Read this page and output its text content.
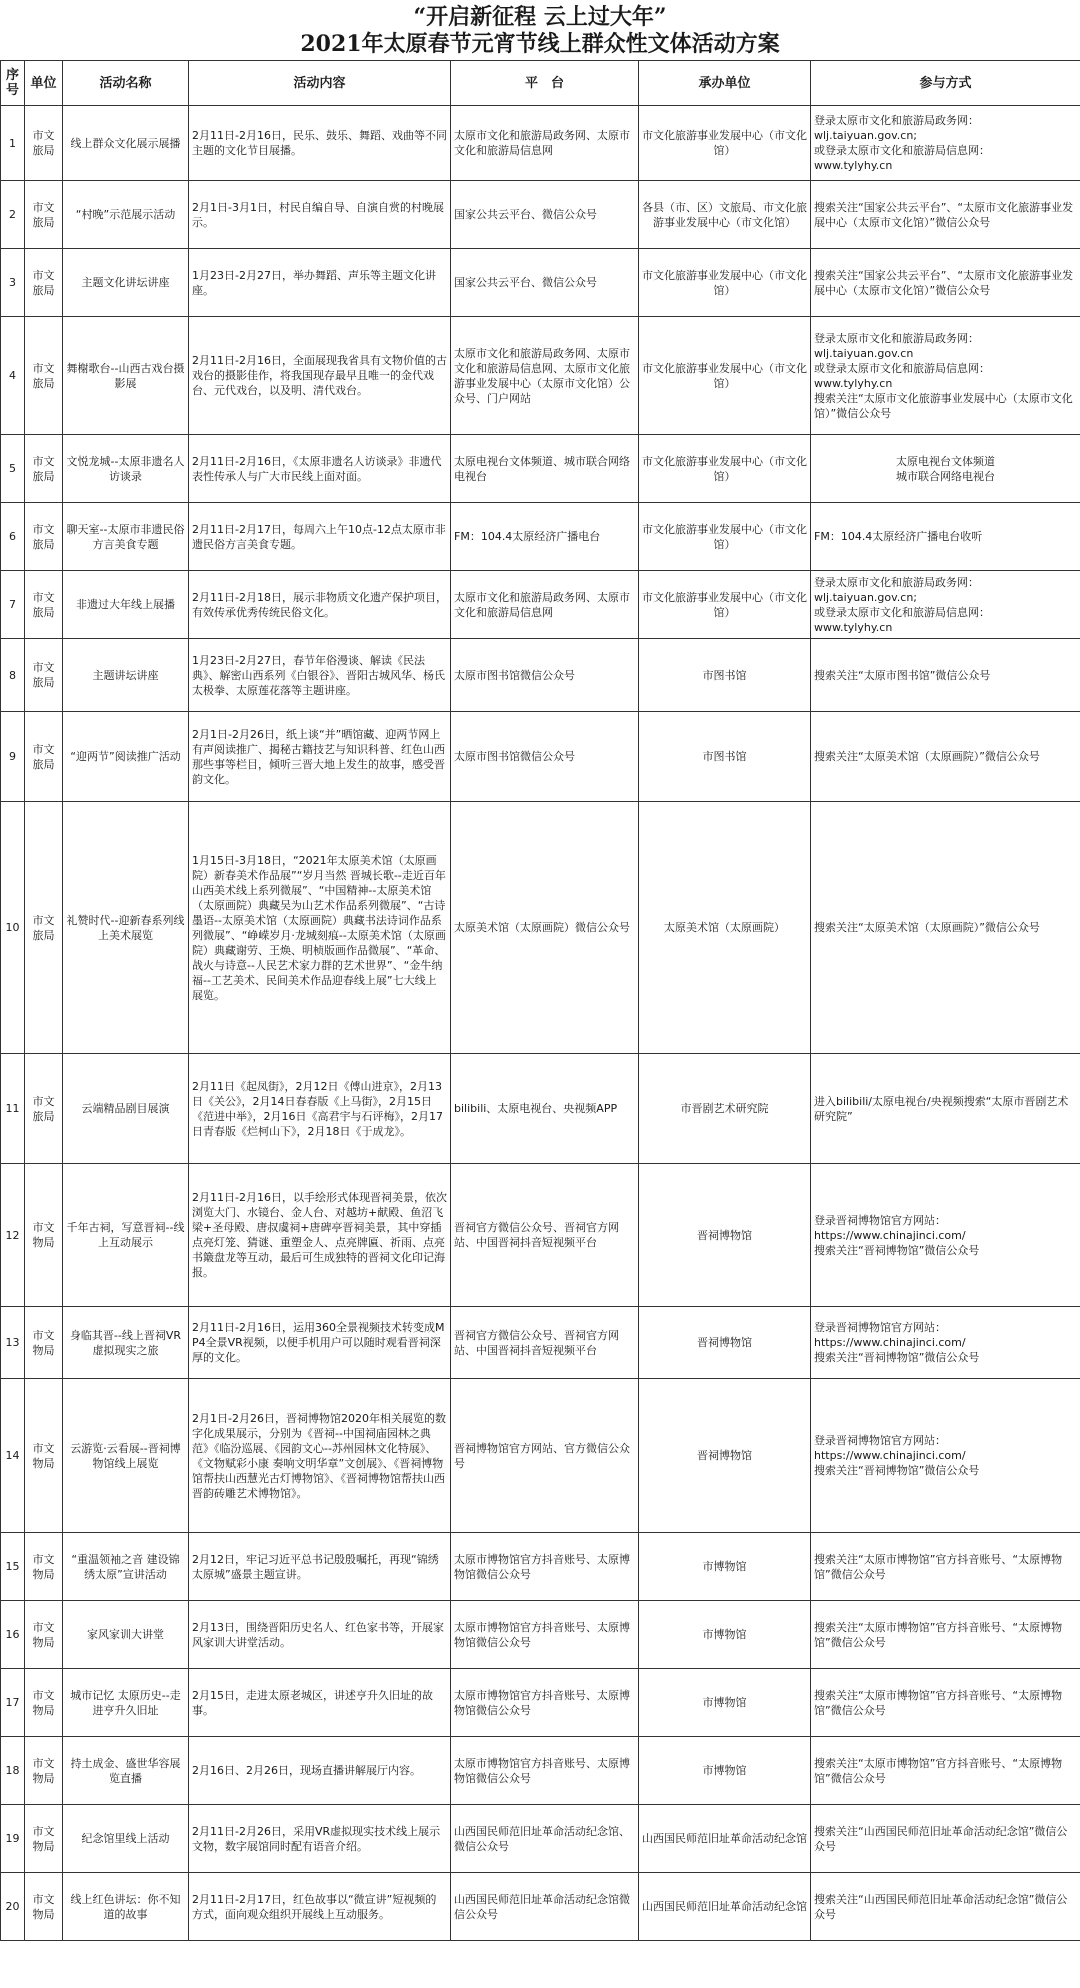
“开启新征程 云上过大年”
2021年太原春节元宵节线上群众性文体活动方案
序号	单位	活动名称	活动内容	平　台	承办单位	参与方式
1	市文旅局	线上群众文化展示展播	2月11日-2月16日，民乐、鼓乐、舞蹈、戏曲等不同主题的文化节目展播。	太原市文化和旅游局政务网、太原市文化和旅游局信息网	市文化旅游事业发展中心（市文化馆）	登录太原市文化和旅游局政务网：
wlj.taiyuan.gov.cn;
或登录太原市文化和旅游局信息网：
www.tylyhy.cn
2	市文旅局	“村晚”示范展示活动	2月1日-3月1日，村民自编自导、自演自赏的村晚展示。	国家公共云平台、微信公众号	各县（市、区）文旅局、市文化旅游事业发展中心（市文化馆）	搜索关注“国家公共云平台”、“太原市文化旅游事业发展中心（太原市文化馆）”微信公众号
3	市文旅局	主题文化讲坛讲座	1月23日-2月27日，举办舞蹈、声乐等主题文化讲座。	国家公共云平台、微信公众号	市文化旅游事业发展中心（市文化馆）	搜索关注“国家公共云平台”、“太原市文化旅游事业发展中心（太原市文化馆）”微信公众号
4	市文旅局	舞榭歌台--山西古戏台摄影展	2月11日-2月16日，全面展现我省具有文物价值的古戏台的摄影佳作，将我国现存最早且唯一的金代戏台、元代戏台，以及明、清代戏台。	太原市文化和旅游局政务网、太原市文化和旅游局信息网、太原市文化旅游事业发展中心（太原市文化馆）公众号、门户网站	市文化旅游事业发展中心（市文化馆）	登录太原市文化和旅游局政务网：
wlj.taiyuan.gov.cn
或登录太原市文化和旅游局信息网：
www.tylyhy.cn
搜索关注“太原市文化旅游事业发展中心（太原市文化馆）”微信公众号
5	市文旅局	文悦龙城--太原非遗名人访谈录	2月11日-2月16日，《太原非遗名人访谈录》非遗代表性传承人与广大市民线上面对面。	太原电视台文体频道、城市联合网络电视台	市文化旅游事业发展中心（市文化馆）	太原电视台文体频道
城市联合网络电视台
6	市文旅局	聊天室--太原市非遗民俗方言美食专题	2月11日-2月17日，每周六上午10点-12点太原市非遗民俗方言美食专题。	FM：104.4太原经济广播电台	市文化旅游事业发展中心（市文化馆）	FM：104.4太原经济广播电台收听
7	市文旅局	非遗过大年线上展播	2月11日-2月18日，展示非物质文化遗产保护项目，有效传承优秀传统民俗文化。	太原市文化和旅游局政务网、太原市文化和旅游局信息网	市文化旅游事业发展中心（市文化馆）	登录太原市文化和旅游局政务网：
wlj.taiyuan.gov.cn;
或登录太原市文化和旅游局信息网：
www.tylyhy.cn
8	市文旅局	主题讲坛讲座	1月23日-2月27日，春节年俗漫谈、解读《民法典》、解密山西系列《白银谷》、晋阳古城风华、杨氏太极拳、太原莲花落等主题讲座。	太原市图书馆微信公众号	市图书馆	搜索关注“太原市图书馆”微信公众号
9	市文旅局	“迎两节”阅读推广活动	2月1日-2月26日，纸上谈“并”晒馆藏、迎两节网上有声阅读推广、揭秘古籍技艺与知识科普、红色山西那些事等栏目，倾听三晋大地上发生的故事，感受晋韵文化。	太原市图书馆微信公众号	市图书馆	搜索关注“太原美术馆（太原画院）”微信公众号
10	市文旅局	礼赞时代--迎新春系列线上美术展览	1月15日-3月18日，“2021年太原美术馆（太原画院）新春美术作品展”“岁月当然 晋城长歌--走近百年山西美术线上系列微展”、“中国精神--太原美术馆（太原画院）典藏吴为山艺术作品系列微展”、“古诗墨语--太原美术馆（太原画院）典藏书法诗词作品系列微展”、“峥嵘岁月·龙城刻痕--太原美术馆（太原画院）典藏谢劳、王焕、明桢版画作品微展”、“革命、战火与诗意--人民艺术家力群的艺术世界”、“金牛纳福--工艺美术、民间美术作品迎春线上展”七大线上展览。	太原美术馆（太原画院）微信公众号	太原美术馆（太原画院）	搜索关注“太原美术馆（太原画院）”微信公众号
11	市文旅局	云端精品剧目展演	2月11日《起凤街》，2月12日《傅山进京》，2月13日《关公》，2月14日春春版《上马街》，2月15日《范进中举》，2月16日《高君宇与石评梅》，2月17日青春版《烂柯山下》，2月18日《于成龙》。	bilibili、太原电视台、央视频APP	市晋剧艺术研究院	进入bilibili/太原电视台/央视频搜索“太原市晋剧艺术研究院”
12	市文物局	千年古祠，写意晋祠--线上互动展示	2月11日-2月16日，以手绘形式体现晋祠美景，依次浏览大门、水镜台、金人台、对越坊+献殿、鱼沼飞梁+圣母殿、唐叔虞祠+唐碑亭晋祠美景，其中穿插点亮灯笼、猜谜、重塑金人、点亮牌匾、祈雨、点亮书簸盘龙等互动，最后可生成独特的晋祠文化印记海报。	晋祠官方微信公众号、晋祠官方网站、中国晋祠抖音短视频平台	晋祠博物馆	登录晋祠博物馆官方网站：
https://www.chinajinci.com/
搜索关注“晋祠博物馆”微信公众号
13	市文物局	身临其晋--线上晋祠VR虚拟现实之旅	2月11日-2月16日，运用360全景视频技术转变成MP4全景VR视频，以便手机用户可以随时观看晋祠深厚的文化。	晋祠官方微信公众号、晋祠官方网站、中国晋祠抖音短视频平台	晋祠博物馆	登录晋祠博物馆官方网站：
https://www.chinajinci.com/
搜索关注“晋祠博物馆”微信公众号
14	市文物局	云游览·云看展--晋祠博物馆线上展览	2月1日-2月26日，晋祠博物馆2020年相关展览的数字化成果展示，分别为《晋祠--中国祠庙园林之典范》《临汾巡展、《园韵文心--苏州园林文化特展》、《文物赋彩小康 奏响文明华章”文创展》、《晋祠博物馆帮扶山西慧光古灯博物馆》、《晋祠博物馆帮扶山西晋韵砖雕艺术博物馆》。	晋祠博物馆官方网站、官方微信公众号	晋祠博物馆	登录晋祠博物馆官方网站：
https://www.chinajinci.com/
搜索关注“晋祠博物馆”微信公众号
15	市文物局	“重温领袖之音 建设锦绣太原”宣讲活动	2月12日，牢记习近平总书记殷殷嘱托，再现“锦绣太原城”盛景主题宣讲。	太原市博物馆官方抖音账号、太原博物馆微信公众号	市博物馆	搜索关注“太原市博物馆”官方抖音账号、“太原博物馆”微信公众号
16	市文物局	家风家训大讲堂	2月13日，围绕晋阳历史名人、红色家书等，开展家风家训大讲堂活动。	太原市博物馆官方抖音账号、太原博物馆微信公众号	市博物馆	搜索关注“太原市博物馆”官方抖音账号、“太原博物馆”微信公众号
17	市文物局	城市记忆 太原历史--走进亨升久旧址	2月15日，走进太原老城区，讲述亨升久旧址的故事。	太原市博物馆官方抖音账号、太原博物馆微信公众号	市博物馆	搜索关注“太原市博物馆”官方抖音账号、“太原博物馆”微信公众号
18	市文物局	持土成金、盛世华容展览直播	2月16日、2月26日，现场直播讲解展厅内容。	太原市博物馆官方抖音账号、太原博物馆微信公众号	市博物馆	搜索关注“太原市博物馆”官方抖音账号、“太原博物馆”微信公众号
19	市文物局	纪念馆里线上活动	2月11日-2月26日，采用VR虚拟现实技术线上展示文物，数字展馆同时配有语音介绍。	山西国民师范旧址革命活动纪念馆、微信公众号	山西国民师范旧址革命活动纪念馆	搜索关注“山西国民师范旧址革命活动纪念馆”微信公众号
20	市文物局	线上红色讲坛：你不知道的故事	2月11日-2月17日，红色故事以“微宣讲”短视频的方式，面向观众组织开展线上互动服务。	山西国民师范旧址革命活动纪念馆微信公众号	山西国民师范旧址革命活动纪念馆	搜索关注“山西国民师范旧址革命活动纪念馆”微信公众号
